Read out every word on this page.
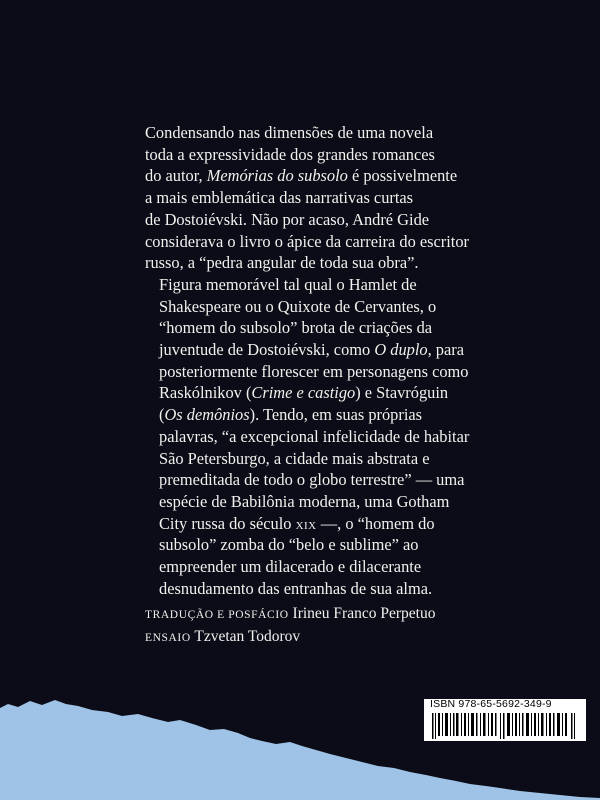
Condensando nas dimensões de uma novela
toda a expressividade dos grandes romances
do autor, Memórias do subsolo é possivelmente
a mais emblemática das narrativas curtas
de Dostoiévski. Não por acaso, André Gide
considerava o livro o ápice da carreira do escritor
russo, a “pedra angular de toda sua obra”.

Figura memorável tal qual o Hamlet de

Shakespeare ou o Quixote de Cervantes, o
“homem do subsolo” brota de criações da
juventude de Dostoiévski, como O duplo, para
posteriormente florescer em personagens como
Raskólnikov (Crime e castigo) e Stavróguin
(Os demônios). Tendo, em suas próprias
palavras, “a excepcional infelicidade de habitar
São Petersburgo, a cidade mais abstrata e
premeditada de todo o globo terrestre” — uma
espécie de Babilônia moderna, uma Gotham
City russa do século xix —, o “homem do
subsolo” zomba do “belo e sublime” ao
empreender um dilacerado e dilacerante
desnudamento das entranhas de sua alma.

TRADUÇÃO E POSFÁCIO Irineu Franco Perpetuo
ENSAIO Tzvetan Todorov
ISBN 978-65-5692-349-9
todavia
